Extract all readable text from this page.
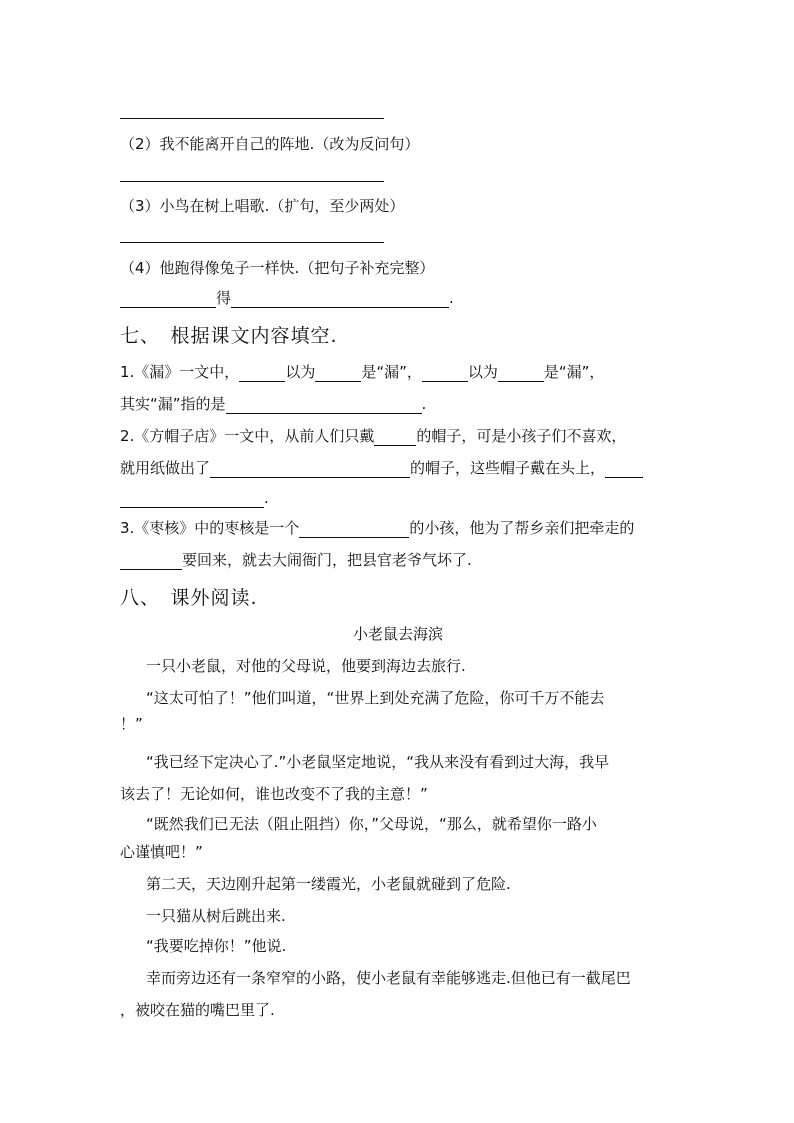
（2）我不能离开自己的阵地.（改为反问句）
（3）小鸟在树上唱歌.（扩句，至少两处）
（4）他跑得像兔子一样快.（把句子补充完整）
得	.
七、　根据课文内容填空.
1.《漏》一文中，	以为	是“漏”，	以为	是“漏”，
其实“漏”指的是	.
2.《方帽子店》一文中，从前人们只戴	的帽子，可是小孩子们不喜欢，
就用纸做出了	的帽子，这些帽子戴在头上，
.
3.《枣核》中的枣核是一个	的小孩，他为了帮乡亲们把牵走的
要回来，就去大闹衙门，把县官老爷气坏了.
八、　课外阅读.
小老鼠去海滨
一只小老鼠，对他的父母说，他要到海边去旅行.
“这太可怕了！”他们叫道，“世界上到处充满了危险，你可千万不能去
！”
“我已经下定决心了.”小老鼠坚定地说，“我从来没有看到过大海，我早
该去了！无论如何，谁也改变不了我的主意！”
“既然我们已无法（阻止阻挡）你，”父母说，“那么，就希望你一路小
心谨慎吧！”
第二天，天边刚升起第一缕霞光，小老鼠就碰到了危险.
一只猫从树后跳出来.
“我要吃掉你！”他说.
幸而旁边还有一条窄窄的小路，使小老鼠有幸能够逃走.但他已有一截尾巴
，被咬在猫的嘴巴里了.
